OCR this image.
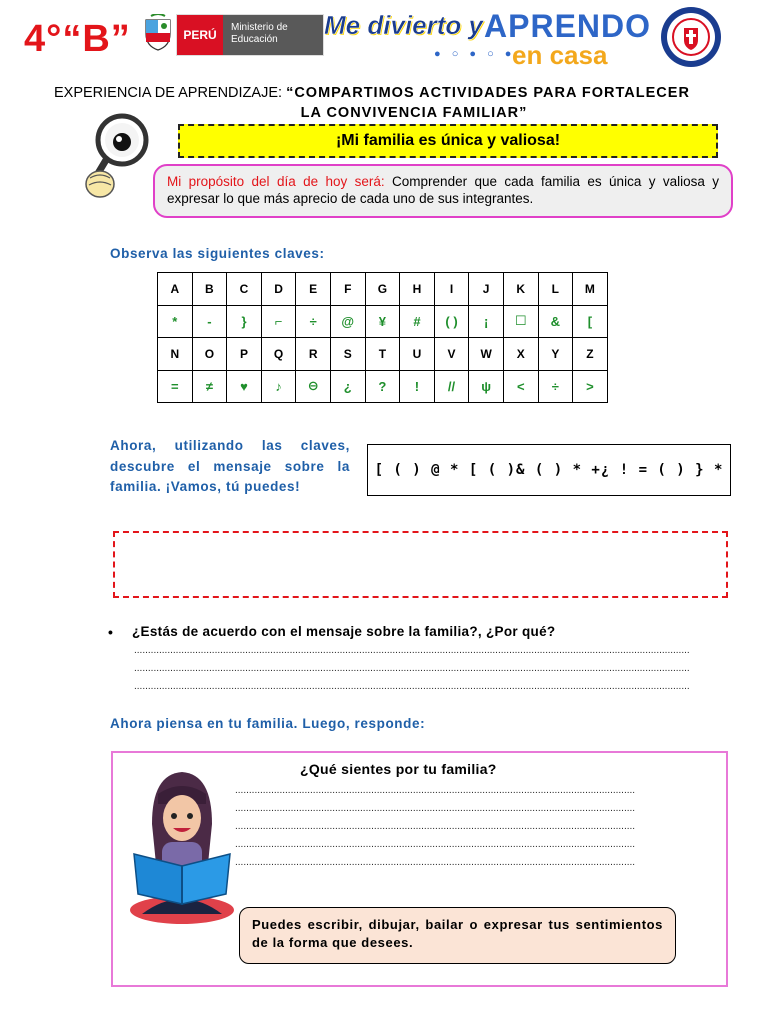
4°“B”	PERÚ
Ministerio de Educación	Me divierto y
● ○ ● ○ ●
APRENDO
en casa
EXPERIENCIA DE APRENDIZAJE: “COMPARTIMOS ACTIVIDADES PARA FORTALECER
LA CONVIVENCIA FAMILIAR”
¡Mi familia es única y valiosa!
Mi propósito del día de hoy será: Comprender que cada familia es única y valiosa y expresar lo que más aprecio de cada uno de sus integrantes.
Observa las siguientes claves:
A	B	C	D	E	F	G	H	I	J	K	L	M
*	-	}	⌐	÷	@	¥	#	( )	¡	☐	&	[
N	O	P	Q	R	S	T	U	V	W	X	Y	Z
=	≠	♥	♪	⊖	¿	?	!	//	ψ	<	÷	>
Ahora, utilizando las claves, descubre el mensaje sobre la familia. ¡Vamos, tú puedes!
[ ( ) @ * [ ( )& ( ) * +¿ ! = ( ) } *
• ¿Estás de acuerdo con el mensaje sobre la familia?, ¿Por qué?
........................................................................................................................................................................................................
........................................................................................................................................................................................................
........................................................................................................................................................................................................
Ahora piensa en tu familia. Luego, responde:
¿Qué sientes por tu familia?
................................................................................................................................................
................................................................................................................................................
................................................................................................................................................
................................................................................................................................................
................................................................................................................................................
Puedes escribir, dibujar, bailar o expresar tus sentimientos de la forma que desees.
